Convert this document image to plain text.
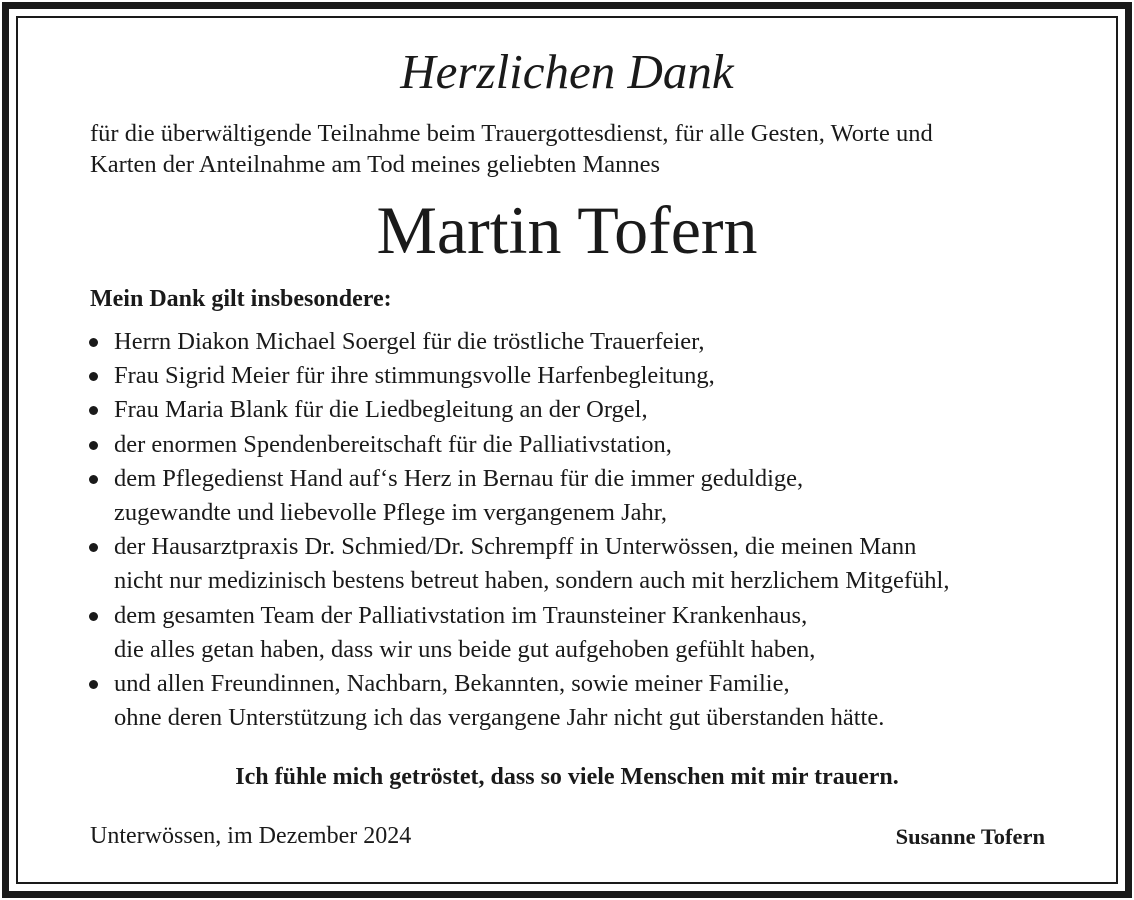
Herzlichen Dank

für die überwältigende Teilnahme beim Trauergottesdienst, für alle Gesten, Worte und
Karten der Anteilnahme am Tod meines geliebten Mannes

Martin Tofern

Mein Dank gilt insbesondere:

Herrn Diakon Michael Soergel für die tröstliche Trauerfeier,
Frau Sigrid Meier für ihre stimmungsvolle Harfenbegleitung,
Frau Maria Blank für die Liedbegleitung an der Orgel,
der enormen Spendenbereitschaft für die Palliativstation,
dem Pflegedienst Hand auf‘s Herz in Bernau für die immer geduldige,
zugewandte und liebevolle Pflege im vergangenem Jahr,
der Hausarztpraxis Dr. Schmied/Dr. Schrempff in Unterwössen, die meinen Mann
nicht nur medizinisch bestens betreut haben, sondern auch mit herzlichem Mitgefühl,
dem gesamten Team der Palliativstation im Traunsteiner Krankenhaus,
die alles getan haben, dass wir uns beide gut aufgehoben gefühlt haben,
und allen Freundinnen, Nachbarn, Bekannten, sowie meiner Familie,
ohne deren Unterstützung ich das vergangene Jahr nicht gut überstanden hätte.

Ich fühle mich getröstet, dass so viele Menschen mit mir trauern.

Unterwössen, im Dezember 2024	Susanne Tofern
